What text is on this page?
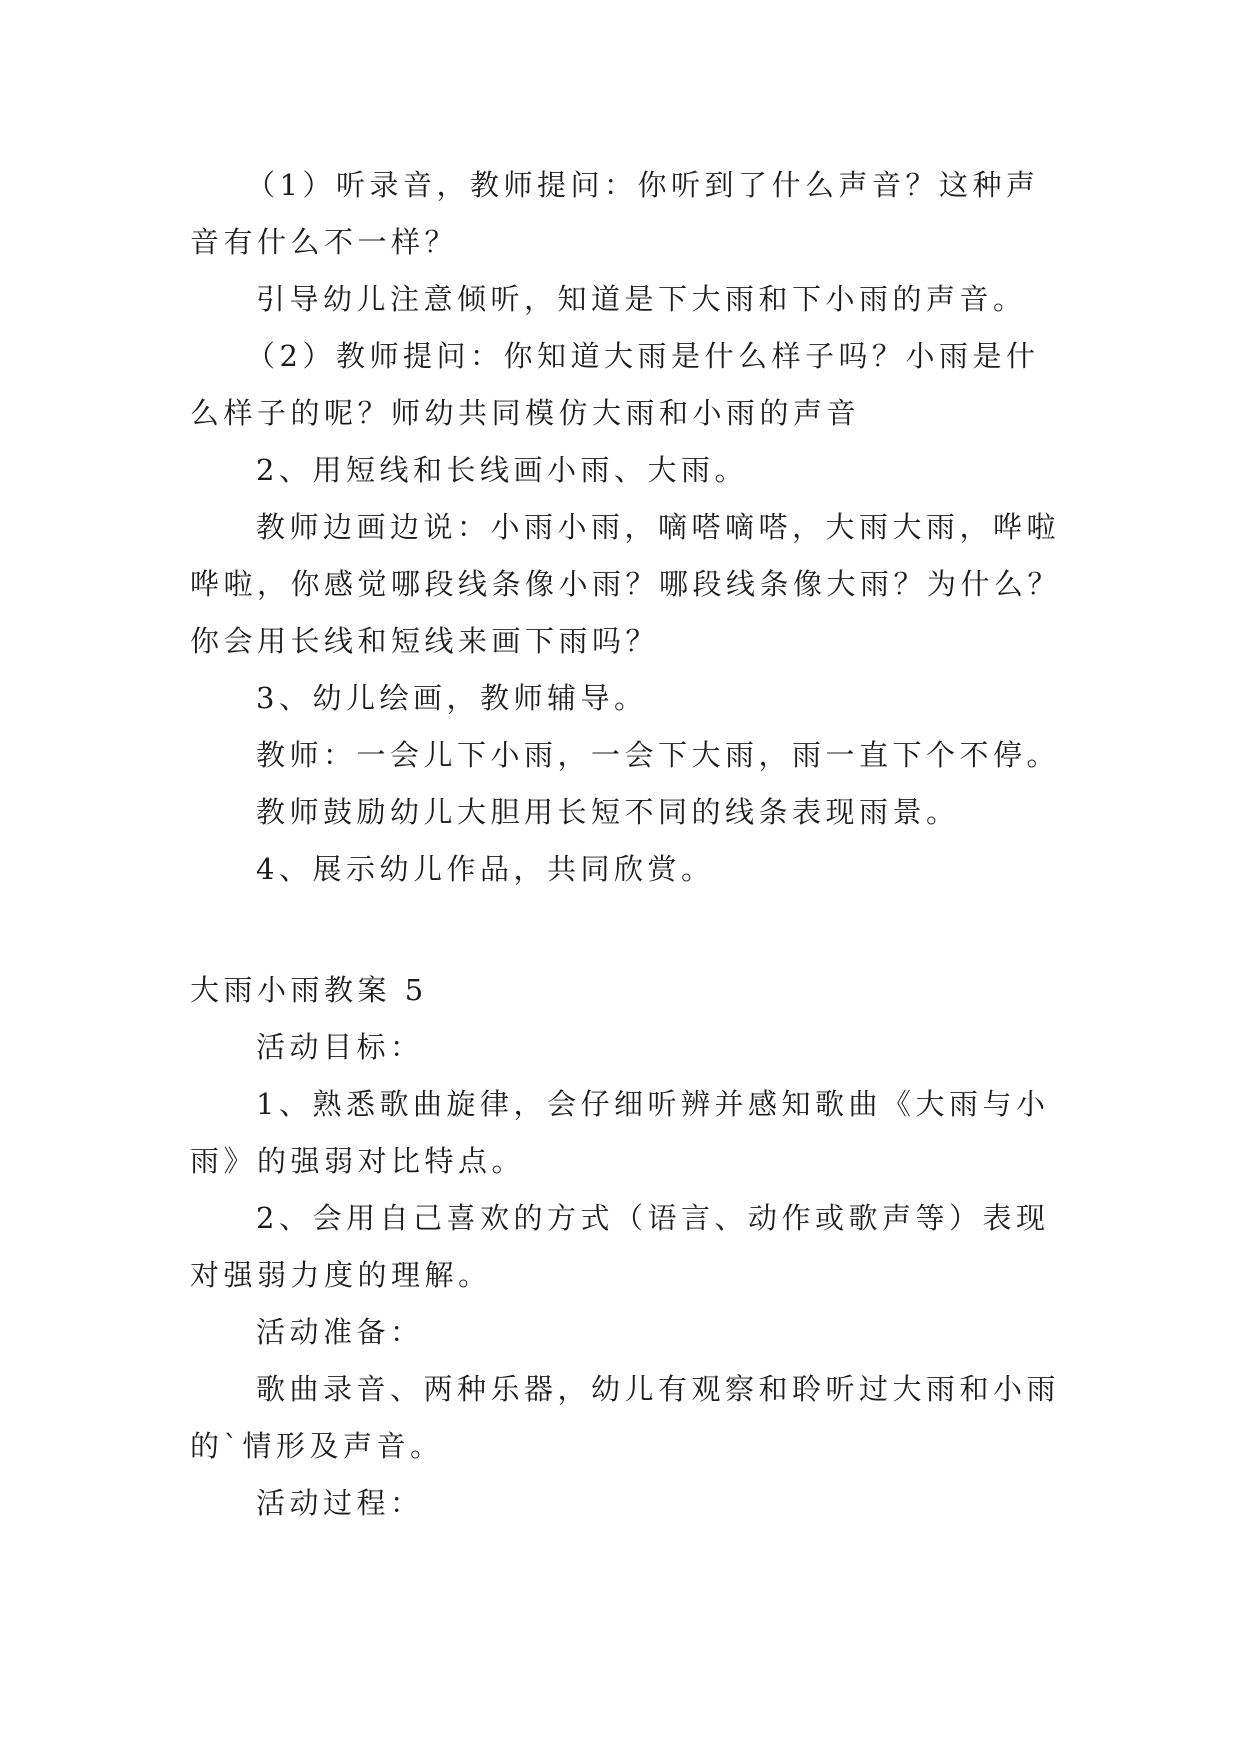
（1）听录音，教师提问：你听到了什么声音？这种声
音有什么不一样？
引导幼儿注意倾听，知道是下大雨和下小雨的声音。
（2）教师提问：你知道大雨是什么样子吗？小雨是什
么样子的呢？师幼共同模仿大雨和小雨的声音
2、用短线和长线画小雨、大雨。
教师边画边说：小雨小雨，嘀嗒嘀嗒，大雨大雨，哗啦
哗啦，你感觉哪段线条像小雨？哪段线条像大雨？为什么？
你会用长线和短线来画下雨吗？
3、幼儿绘画，教师辅导。
教师：一会儿下小雨，一会下大雨，雨一直下个不停。
教师鼓励幼儿大胆用长短不同的线条表现雨景。
4、展示幼儿作品，共同欣赏。
大雨小雨教案 5
活动目标：
1、熟悉歌曲旋律，会仔细听辨并感知歌曲《大雨与小
雨》的强弱对比特点。
2、会用自己喜欢的方式（语言、动作或歌声等）表现
对强弱力度的理解。
活动准备：
歌曲录音、两种乐器，幼儿有观察和聆听过大雨和小雨
的`情形及声音。
活动过程：
